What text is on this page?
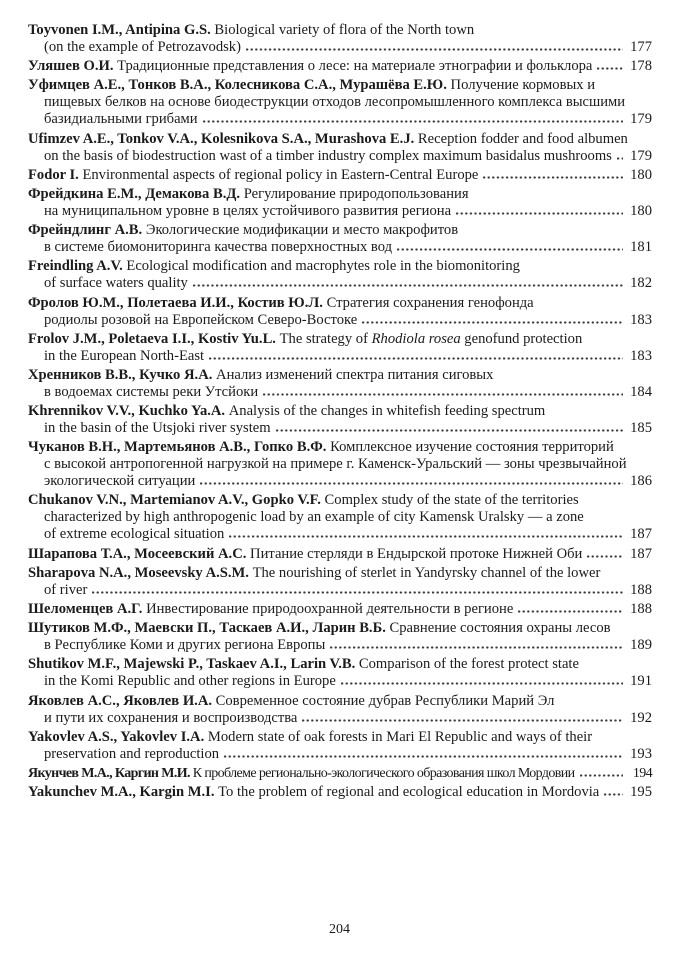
Toyvonen I.M., Antipina G.S. Biological variety of flora of the North town
(on the example of Petrozavodsk)	177
Уляшев О.И. Традиционные представления о лесе: на материале этнографии и фольклора	178
Уфимцев А.Е., Тонков В.А., Колесникова С.А., Мурашёва Е.Ю. Получение кормовых и
пищевых белков на основе биодеструкции отходов лесопромышленного комплекса высшими
базидиальными грибами	179
Ufimzev A.E., Tonkov V.A., Kolesnikova S.A., Murashova E.J. Reception fodder and food albumen
on the basis of biodestruction wast of a timber industry complex maximum basidalus mushrooms 179
Fodor I. Environmental aspects of regional policy in Eastern-Central Europe	180
Фрейдкина Е.М., Демакова В.Д. Регулирование природопользования
на муниципальном уровне в целях устойчивого развития региона	180
Фрейндлинг А.В. Экологические модификации и место макрофитов
в системе биомониторинга качества поверхностных вод	181
Freindling A.V. Ecological modification and macrophytes role in the biomonitoring
of surface waters quality	182
Фролов Ю.М., Полетаева И.И., Костив Ю.Л. Стратегия сохранения генофонда
родиолы розовой на Европейском Северо-Востоке	183
Frolov J.M., Poletaeva I.I., Kostiv Yu.L. The strategy of Rhodiola rosea genofund protection
in the European North-East	183
Хренников В.В., Кучко Я.А. Анализ изменений спектра питания сиговых
в водоемах системы реки Утсйоки	184
Khrennikov V.V., Kuchko Ya.A. Analysis of the changes in whitefish feeding spectrum
in the basin of the Utsjoki river system	185
Чуканов В.Н., Мартемьянов А.В., Гопко В.Ф. Комплексное изучение состояния территорий
с высокой антропогенной нагрузкой на примере г. Каменск-Уральский — зоны чрезвычайной
экологической ситуации	186
Chukanov V.N., Martemianov A.V., Gopko V.F. Complex study of the state of the territories
characterized by high anthropogenic load by an example of city Kamensk Uralsky — a zone
of extreme ecological situation	187
Шарапова Т.А., Мосеевский А.С. Питание стерляди в Ендырской протоке Нижней Оби	187
Sharapova N.A., Moseevsky A.S.M. The nourishing of sterlet in Yandyrsky channel of the lower
of river	188
Шеломенцев А.Г. Инвестирование природоохранной деятельности в регионе	188
Шутиков М.Ф., Маевски П., Таскаев А.И., Ларин В.Б. Сравнение состояния охраны лесов
в Республике Коми и других региона Европы	189
Shutikov M.F., Majewski P., Taskaev A.I., Larin V.B. Comparison of the forest protect state
in the Komi Republic and other regions in Europe	191
Яковлев А.С., Яковлев И.А. Современное состояние дубрав Республики Марий Эл
и пути их сохранения и воспроизводства	192
Yakovlev A.S., Yakovlev I.A. Modern state of oak forests in Mari El Republic and ways of their
preservation and reproduction	193
Якунчев М.А., Каргин М.И. К проблеме регионально-экологического образования школ Мордовии	194
Yakunchev M.A., Kargin M.I. To the problem of regional and ecological education in Mordovia 195
204
